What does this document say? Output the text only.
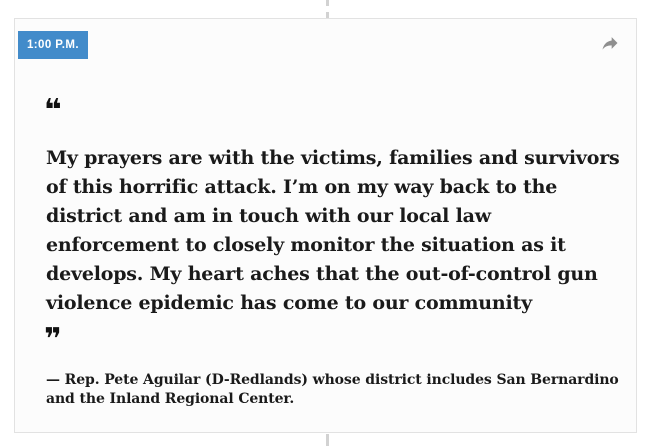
1:00 P.M.
❝
My prayers are with the victims, families and survivors
of this horrific attack. I’m on my way back to the
district and am in touch with our local law
enforcement to closely monitor the situation as it
develops. My heart aches that the out-of-control gun
violence epidemic has come to our community
❞
— Rep. Pete Aguilar (D-Redlands) whose district includes San Bernardino
and the Inland Regional Center.
